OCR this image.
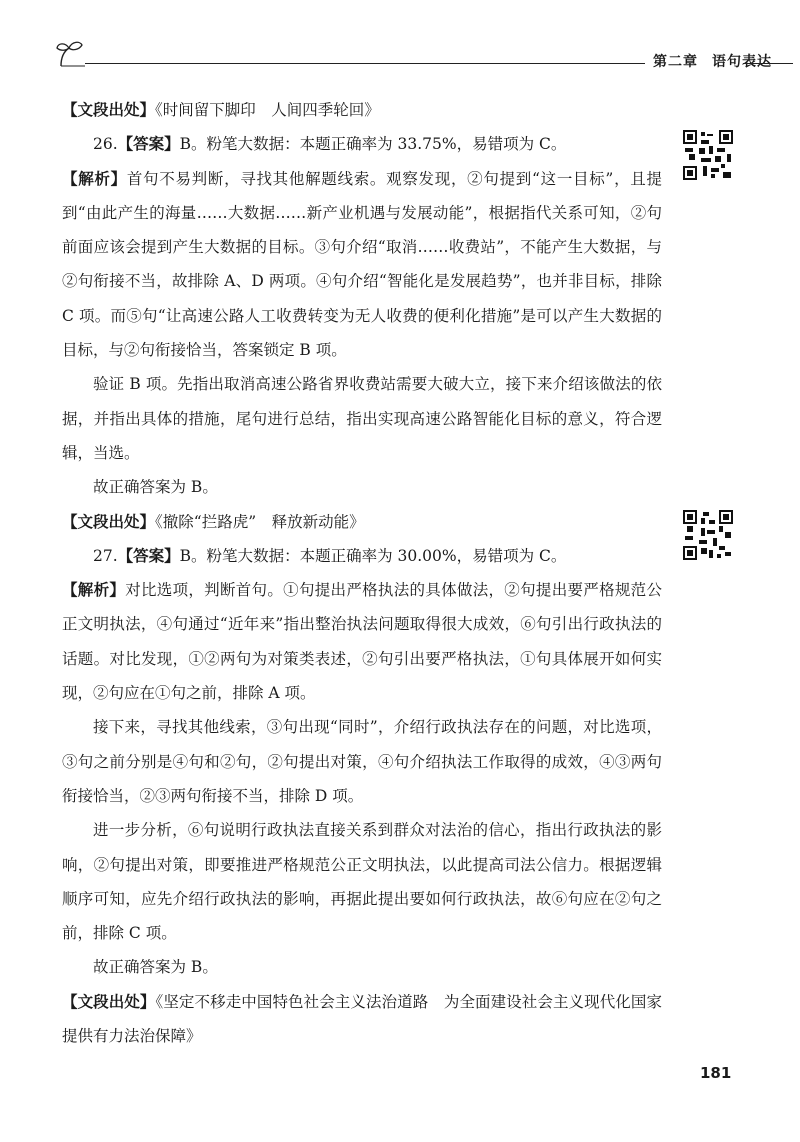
第二章 语句表达

【文段出处】《时间留下脚印　人间四季轮回》

26.【答案】B。粉笔大数据：本题正确率为 33.75%，易错项为 C。

【解析】首句不易判断，寻找其他解题线索。观察发现，②句提到“这一目标”，且提到“由此产生的海量……大数据……新产业机遇与发展动能”，根据指代关系可知，②句前面应该会提到产生大数据的目标。③句介绍“取消……收费站”，不能产生大数据，与②句衔接不当，故排除 A、D 两项。④句介绍“智能化是发展趋势”，也并非目标，排除 C 项。而⑤句“让高速公路人工收费转变为无人收费的便利化措施”是可以产生大数据的目标，与②句衔接恰当，答案锁定 B 项。

验证 B 项。先指出取消高速公路省界收费站需要大破大立，接下来介绍该做法的依据，并指出具体的措施，尾句进行总结，指出实现高速公路智能化目标的意义，符合逻辑，当选。

故正确答案为 B。

【文段出处】《撤除“拦路虎”　释放新动能》

27.【答案】B。粉笔大数据：本题正确率为 30.00%，易错项为 C。

【解析】对比选项，判断首句。①句提出严格执法的具体做法，②句提出要严格规范公正文明执法，④句通过“近年来”指出整治执法问题取得很大成效，⑥句引出行政执法的话题。对比发现，①②两句为对策类表述，②句引出要严格执法，①句具体展开如何实现，②句应在①句之前，排除 A 项。

接下来，寻找其他线索，③句出现“同时”，介绍行政执法存在的问题，对比选项，③句之前分别是④句和②句，②句提出对策，④句介绍执法工作取得的成效，④③两句衔接恰当，②③两句衔接不当，排除 D 项。

进一步分析，⑥句说明行政执法直接关系到群众对法治的信心，指出行政执法的影响，②句提出对策，即要推进严格规范公正文明执法，以此提高司法公信力。根据逻辑顺序可知，应先介绍行政执法的影响，再据此提出要如何行政执法，故⑥句应在②句之前，排除 C 项。

故正确答案为 B。

【文段出处】《坚定不移走中国特色社会主义法治道路　为全面建设社会主义现代化国家提供有力法治保障》

181
